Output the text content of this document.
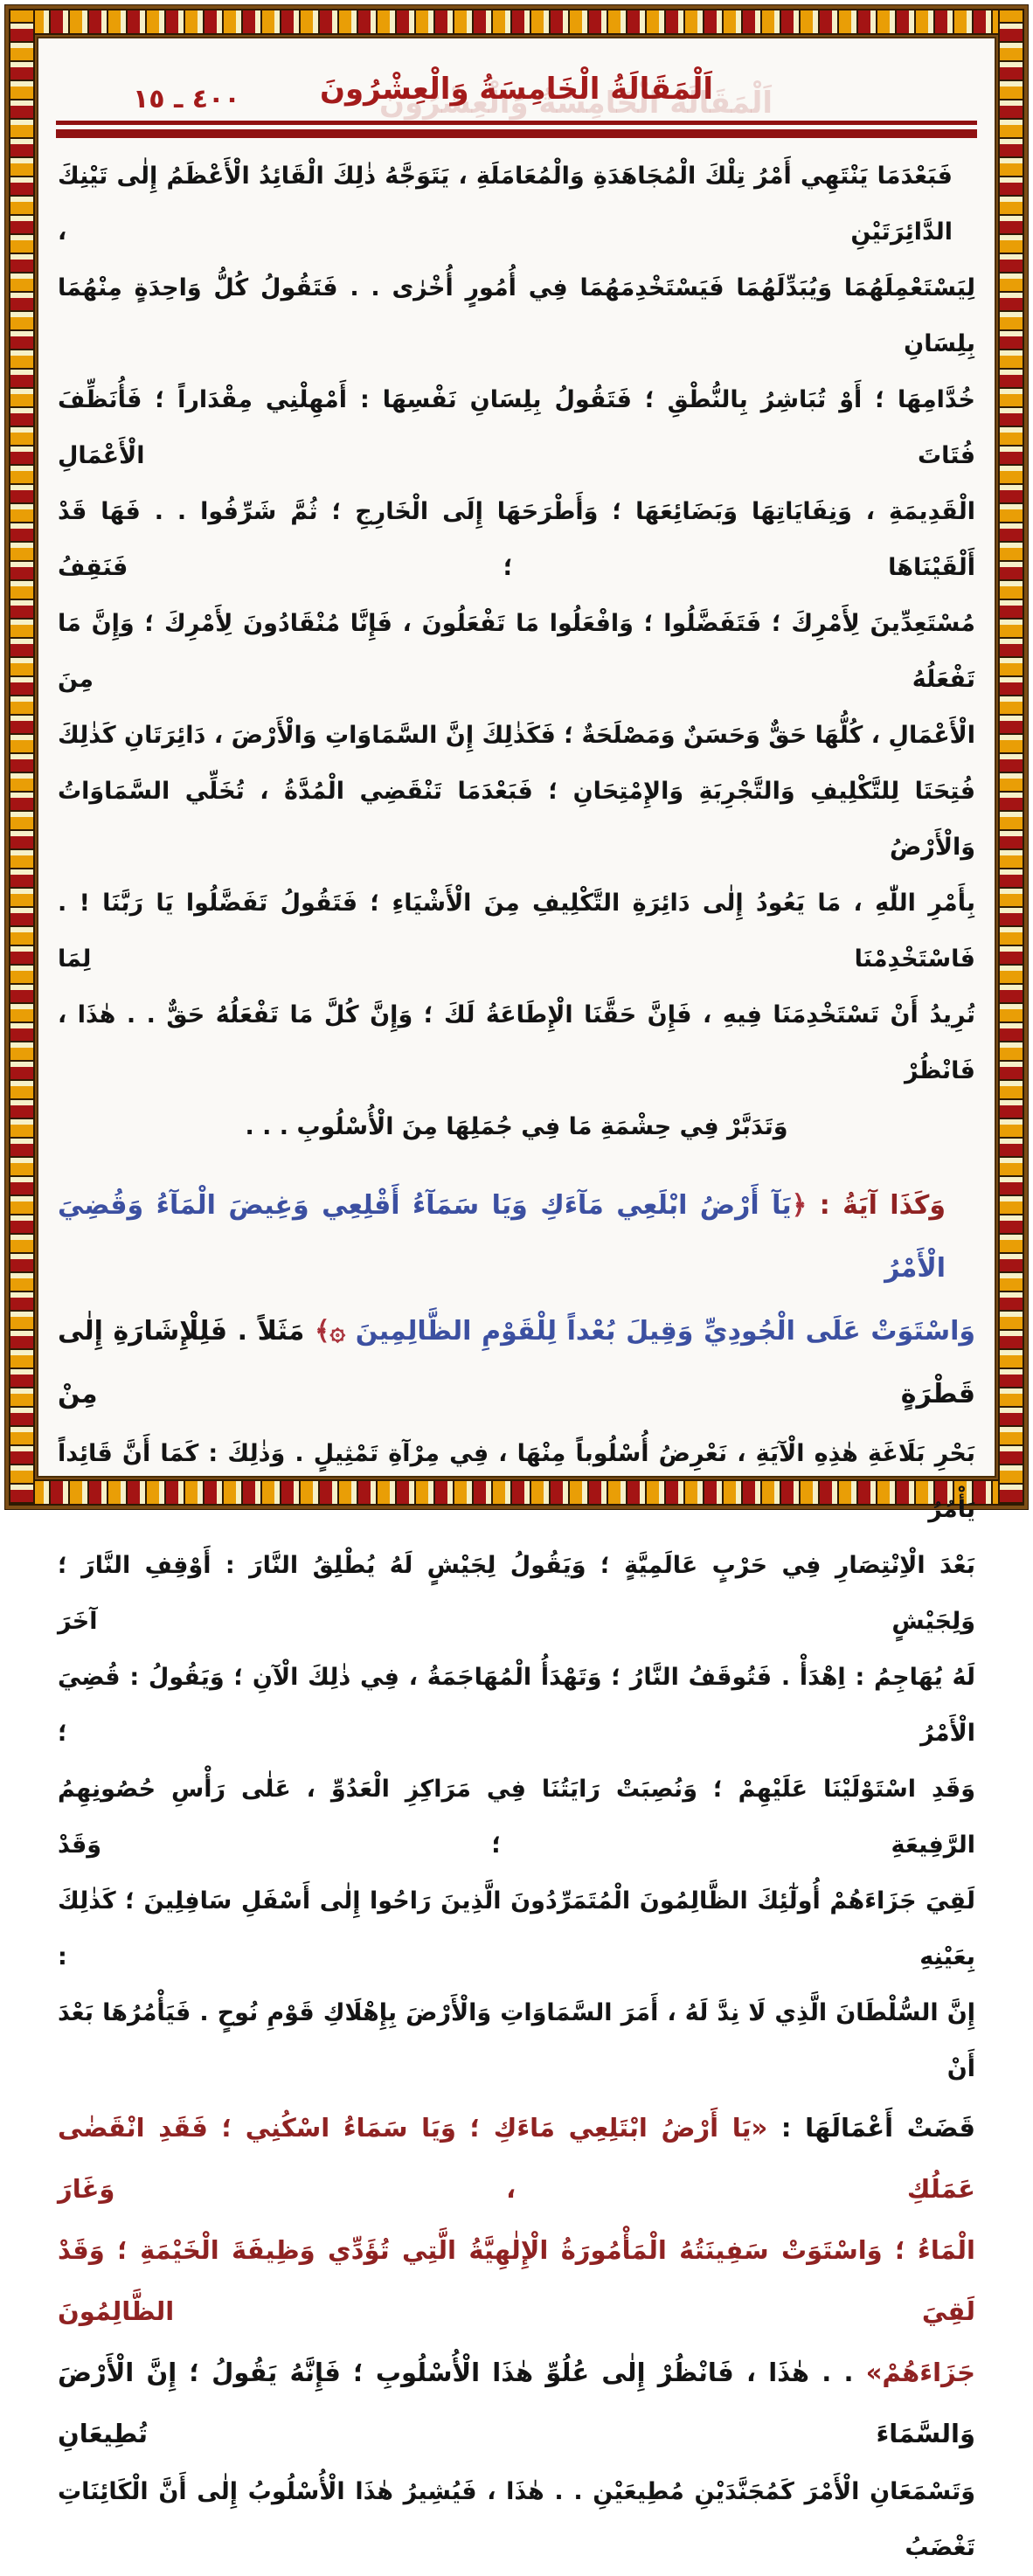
٤٠٠ ـ ١٥	اَلْمَقَالَةُ الْخَامِسَةُ وَالْعِشْرُونَ
فَبَعْدَمَا يَنْتَهِي أَمْرُ تِلْكَ الْمُجَاهَدَةِ وَالْمُعَامَلَةِ ، يَتَوَجَّهُ ذٰلِكَ الْقَائِدُ الْأَعْظَمُ إِلٰى تَيْنِكَ الدَّائِرَتَيْنِ ،
لِيَسْتَعْمِلَهُمَا وَيُبَدِّلَهُمَا فَيَسْتَخْدِمَهُمَا فِي أُمُورٍ أُخْرٰى . . فَتَقُولُ كُلُّ وَاحِدَةٍ مِنْهُمَا بِلِسَانِ
خُدَّامِهَا ؛ أَوْ تُبَاشِرُ بِالنُّطْقِ ؛ فَتَقُولُ بِلِسَانِ نَفْسِهَا : أَمْهِلْنِي مِقْدَاراً ؛ فَأُنَظِّفَ فُتَاتَ الْأَعْمَالِ
الْقَدِيمَةِ ، وَنِفَايَاتِهَا وَبَضَائِعَهَا ؛ وَأَطْرَحَهَا إِلَى الْخَارِجِ ؛ ثُمَّ شَرِّفُوا . . فَهَا قَدْ أَلْقَيْنَاهَا ؛ فَنَقِفُ
مُسْتَعِدِّينَ لِأَمْرِكَ ؛ فَتَفَضَّلُوا ؛ وَافْعَلُوا مَا تَفْعَلُونَ ، فَإِنَّا مُنْقَادُونَ لِأَمْرِكَ ؛ وَإِنَّ مَا تَفْعَلُهُ مِنَ
الْأَعْمَالِ ، كُلُّهَا حَقٌّ وَحَسَنٌ وَمَصْلَحَةٌ ؛ فَكَذٰلِكَ إِنَّ السَّمَاوَاتِ وَالْأَرْضَ ، دَائِرَتَانِ كَذٰلِكَ
فُتِحَتَا لِلتَّكْلِيفِ وَالتَّجْرِبَةِ وَالإِمْتِحَانِ ؛ فَبَعْدَمَا تَنْقَضِي الْمُدَّةُ ، تُخَلِّي السَّمَاوَاتُ وَالْأَرْضُ
بِأَمْرِ اللّٰهِ ، مَا يَعُودُ إِلٰى دَائِرَةِ التَّكْلِيفِ مِنَ الْأَشْيَاءِ ؛ فَتَقُولُ تَفَضَّلُوا يَا رَبَّنَا ! . فَاسْتَخْدِمْنَا لِمَا
تُرِيدُ أَنْ تَسْتَخْدِمَنَا فِيهِ ، فَإِنَّ حَقَّنَا الْإِطَاعَةُ لَكَ ؛ وَإِنَّ كُلَّ مَا تَفْعَلُهُ حَقٌّ . . هٰذَا ، فَانْظُرْ
وَتَدَبَّرْ فِي حِشْمَةِ مَا فِي جُمَلِهَا مِنَ الْأُسْلُوبِ . . .
وَكَذَا آيَةُ : ﴿يَآ أَرْضُ ابْلَعِي مَآءَكِ وَيَا سَمَآءُ أَقْلِعِي وَغِيضَ الْمَآءُ وَقُضِيَ الْأَمْرُ
وَاسْتَوَتْ عَلَى الْجُودِيِّ وَقِيلَ بُعْداً لِلْقَوْمِ الظَّالِمِينَ ۞﴾ مَثَلاً . فَلِلْإِشَارَةِ إِلٰى قَطْرَةٍ مِنْ
بَحْرِ بَلَاغَةِ هٰذِهِ الْآيَةِ ، نَعْرِضُ أُسْلُوباً مِنْهَا ، فِي مِرْآةِ تَمْثِيلٍ . وَذٰلِكَ : كَمَا أَنَّ قَائِداً يَأْمُرُ
بَعْدَ الْاِنْتِصَارِ فِي حَرْبٍ عَالَمِيَّةٍ ؛ وَيَقُولُ لِجَيْشٍ لَهُ يُطْلِقُ النَّارَ : أَوْقِفِ النَّارَ ؛ وَلِجَيْشٍ آخَرَ
لَهُ يُهَاجِمُ : اِهْدَأْ . فَتُوقَفُ النَّارُ ؛ وَتَهْدَأُ الْمُهَاجَمَةُ ، فِي ذٰلِكَ الْآنِ ؛ وَيَقُولُ : قُضِيَ الْأَمْرُ ؛
وَقَدِ اسْتَوْلَيْنَا عَلَيْهِمْ ؛ وَنُصِبَتْ رَايَتُنَا فِي مَرَاكِزِ الْعَدُوِّ ، عَلٰى رَأْسِ حُصُونِهِمُ الرَّفِيعَةِ ؛ وَقَدْ
لَقِيَ جَزَاءَهُمْ أُولٰٓئِكَ الظَّالِمُونَ الْمُتَمَرِّدُونَ الَّذِينَ رَاحُوا إِلٰى أَسْفَلِ سَافِلِينَ ؛ كَذٰلِكَ بِعَيْنِهِ :
إِنَّ السُّلْطَانَ الَّذِي لَا نِدَّ لَهُ ، أَمَرَ السَّمَاوَاتِ وَالْأَرْضَ بِإِهْلَاكِ قَوْمِ نُوحٍ . فَيَأْمُرُهَا بَعْدَ أَنْ
قَضَتْ أَعْمَالَهَا : «يَا أَرْضُ ابْتَلِعِي مَاءَكِ ؛ وَيَا سَمَاءُ اسْكُنِي ؛ فَقَدِ انْقَضٰى عَمَلُكِ ، وَغَارَ
الْمَاءُ ؛ وَاسْتَوَتْ سَفِينَتُهُ الْمَأْمُورَةُ الْإِلٰهِيَّةُ الَّتِي تُؤَدِّي وَظِيفَةَ الْخَيْمَةِ ؛ وَقَدْ لَقِيَ الظَّالِمُونَ
جَزَاءَهُمْ» . . هٰذَا ، فَانْظُرْ إِلٰى عُلُوِّ هٰذَا الْأُسْلُوبِ ؛ فَإِنَّهُ يَقُولُ ؛ إِنَّ الْأَرْضَ وَالسَّمَاءَ تُطِيعَانِ
وَتَسْمَعَانِ الْأَمْرَ كَمُجَنَّدَيْنِ مُطِيعَيْنِ . . هٰذَا ، فَيُشِيرُ هٰذَا الْأُسْلُوبُ إِلٰى أَنَّ الْكَائِنَاتِ تَغْضَبُ
